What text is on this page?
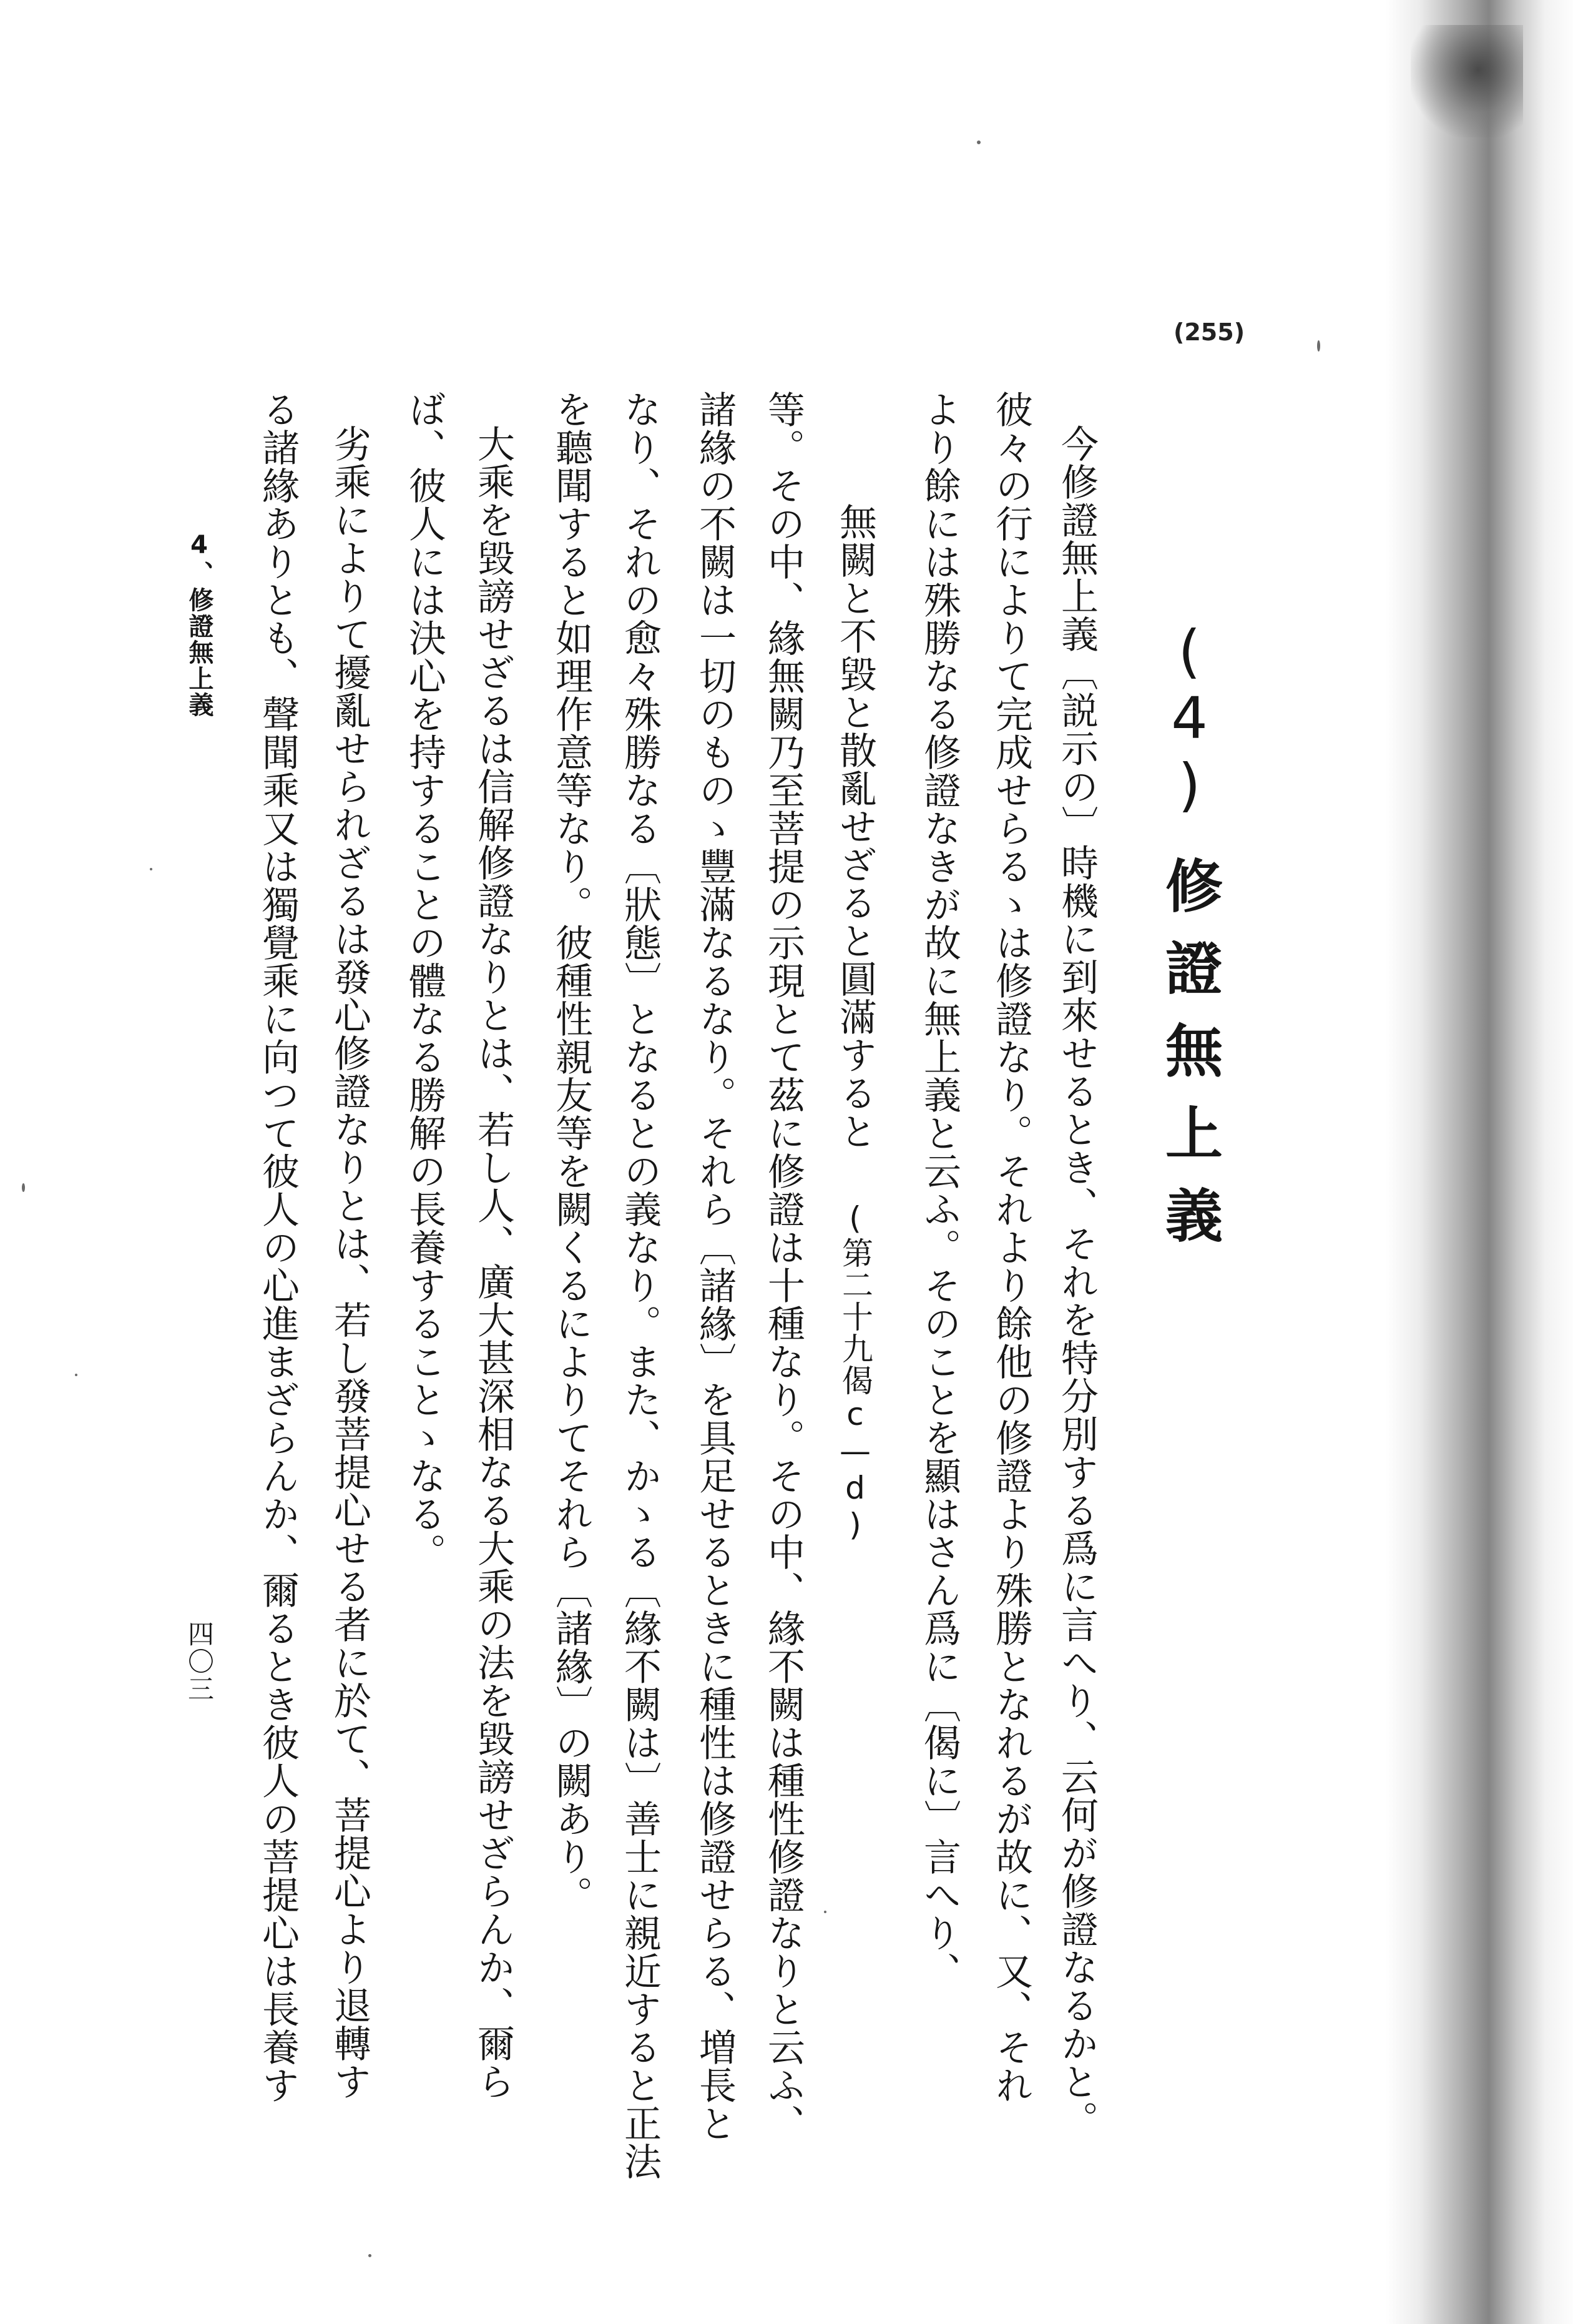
(255)
(4)修證無上義
今修證無上義〔説示の〕時機に到來せるとき、それを特分別する爲に言へり、云何が修證なるかと。
彼々の行によりて完成せらるゝは修證なり。それより餘他の修證より殊勝となれるが故に、又、それ
より餘には殊勝なる修證なきが故に無上義と云ふ。そのことを顯はさん爲に〔偈に〕言へり、
無闕と不毀と散亂せざると圓滿すると(第二十九偈c—d)
等。その中、緣無闕乃至菩提の示現とて茲に修證は十種なり。その中、緣不闕は種性修證なりと云ふ、
諸緣の不闕は一切のものゝ豐滿なるなり。それら〔諸緣〕を具足せるときに種性は修證せらる、増長と
なり、それの愈々殊勝なる〔狀態〕となるとの義なり。また、かゝる〔緣不闕は〕善士に親近すると正法
を聽聞すると如理作意等なり。彼種性親友等を闕くるによりてそれら〔諸緣〕の闕あり。
大乘を毀謗せざるは信解修證なりとは、若し人、廣大甚深相なる大乘の法を毀謗せざらんか、爾ら
ば、彼人には決心を持することの體なる勝解の長養することゝなる。
劣乘によりて擾亂せられざるは發心修證なりとは、若し發菩提心せる者に於て、菩提心より退轉す
る諸緣ありとも、聲聞乘又は獨覺乘に向つて彼人の心進まざらんか、爾るとき彼人の菩提心は長養す
4、修證無上義
四〇三
